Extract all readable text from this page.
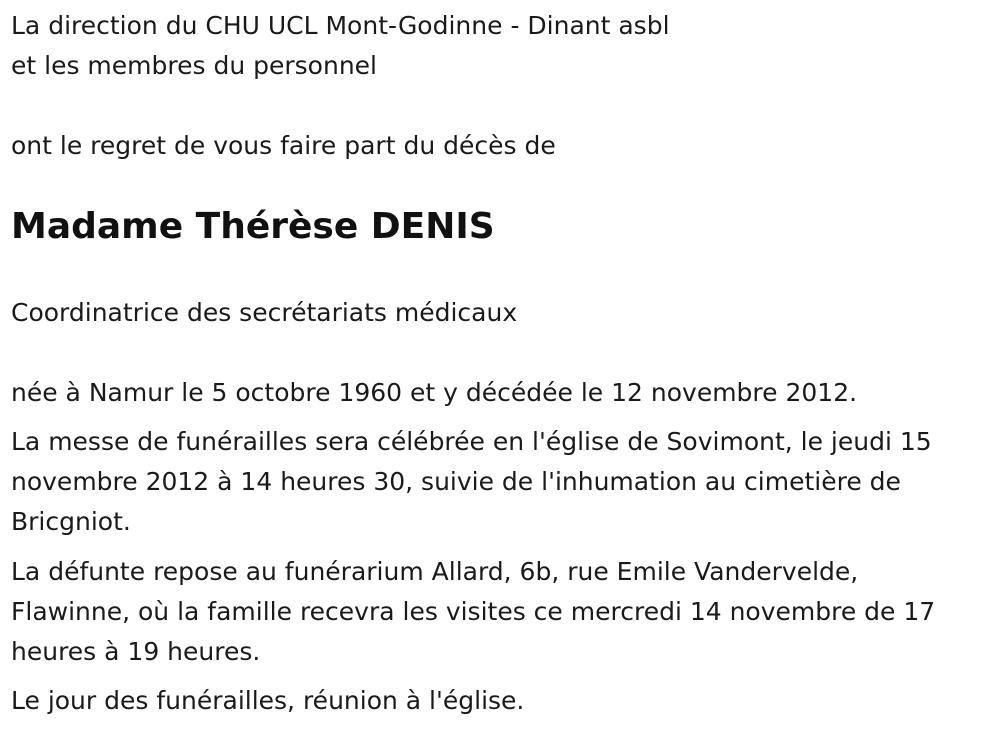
La direction du CHU UCL Mont-Godinne - Dinant asbl

et les membres du personnel

ont le regret de vous faire part du décès de

Madame Thérèse DENIS

Coordinatrice des secrétariats médicaux

née à Namur le 5 octobre 1960 et y décédée le 12 novembre 2012.

La messe de funérailles sera célébrée en l'église de Sovimont, le jeudi 15

novembre 2012 à 14 heures 30, suivie de l'inhumation au cimetière de

Bricgniot.

La défunte repose au funérarium Allard, 6b, rue Emile Vandervelde,

Flawinne, où la famille recevra les visites ce mercredi 14 novembre de 17

heures à 19 heures.

Le jour des funérailles, réunion à l'église.
